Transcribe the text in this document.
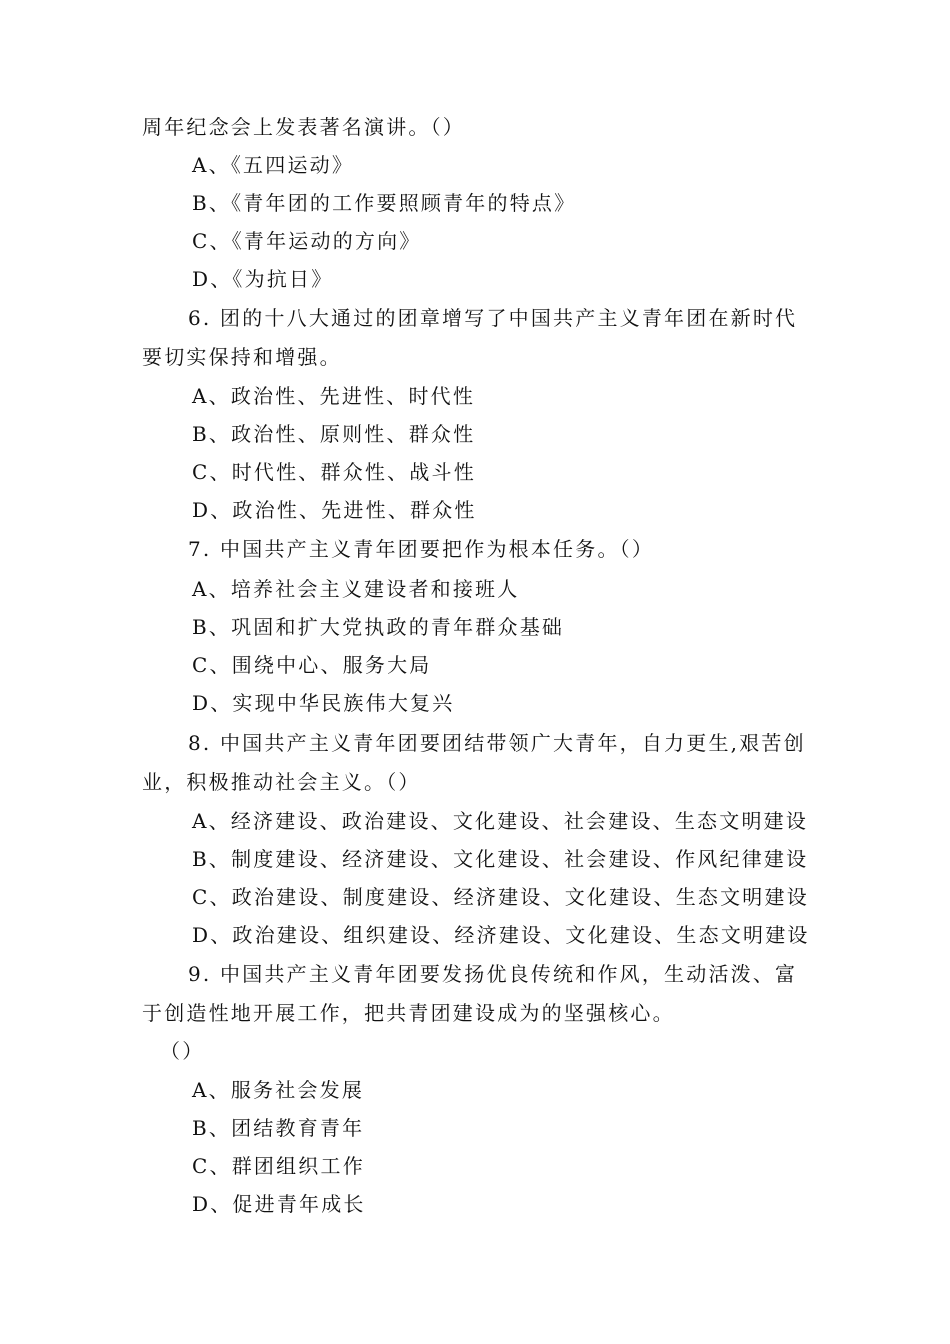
周年纪念会上发表著名演讲。（）
A、《五四运动》
B、《青年团的工作要照顾青年的特点》
C、《青年运动的方向》
D、《为抗日》
6. 团的十八大通过的团章增写了中国共产主义青年团在新时代
要切实保持和增强。
A、政治性、先进性、时代性
B、政治性、原则性、群众性
C、时代性、群众性、战斗性
D、政治性、先进性、群众性
7. 中国共产主义青年团要把作为根本任务。（）
A、培养社会主义建设者和接班人
B、巩固和扩大党执政的青年群众基础
C、围绕中心、服务大局
D、实现中华民族伟大复兴
8. 中国共产主义青年团要团结带领广大青年，自力更生,艰苦创
业，积极推动社会主义。（）
A、经济建设、政治建设、文化建设、社会建设、生态文明建设
B、制度建设、经济建设、文化建设、社会建设、作风纪律建设
C、政治建设、制度建设、经济建设、文化建设、生态文明建设
D、政治建设、组织建设、经济建设、文化建设、生态文明建设
9. 中国共产主义青年团要发扬优良传统和作风，生动活泼、富
于创造性地开展工作，把共青团建设成为的坚强核心。
（）
A、服务社会发展
B、团结教育青年
C、群团组织工作
D、促进青年成长
